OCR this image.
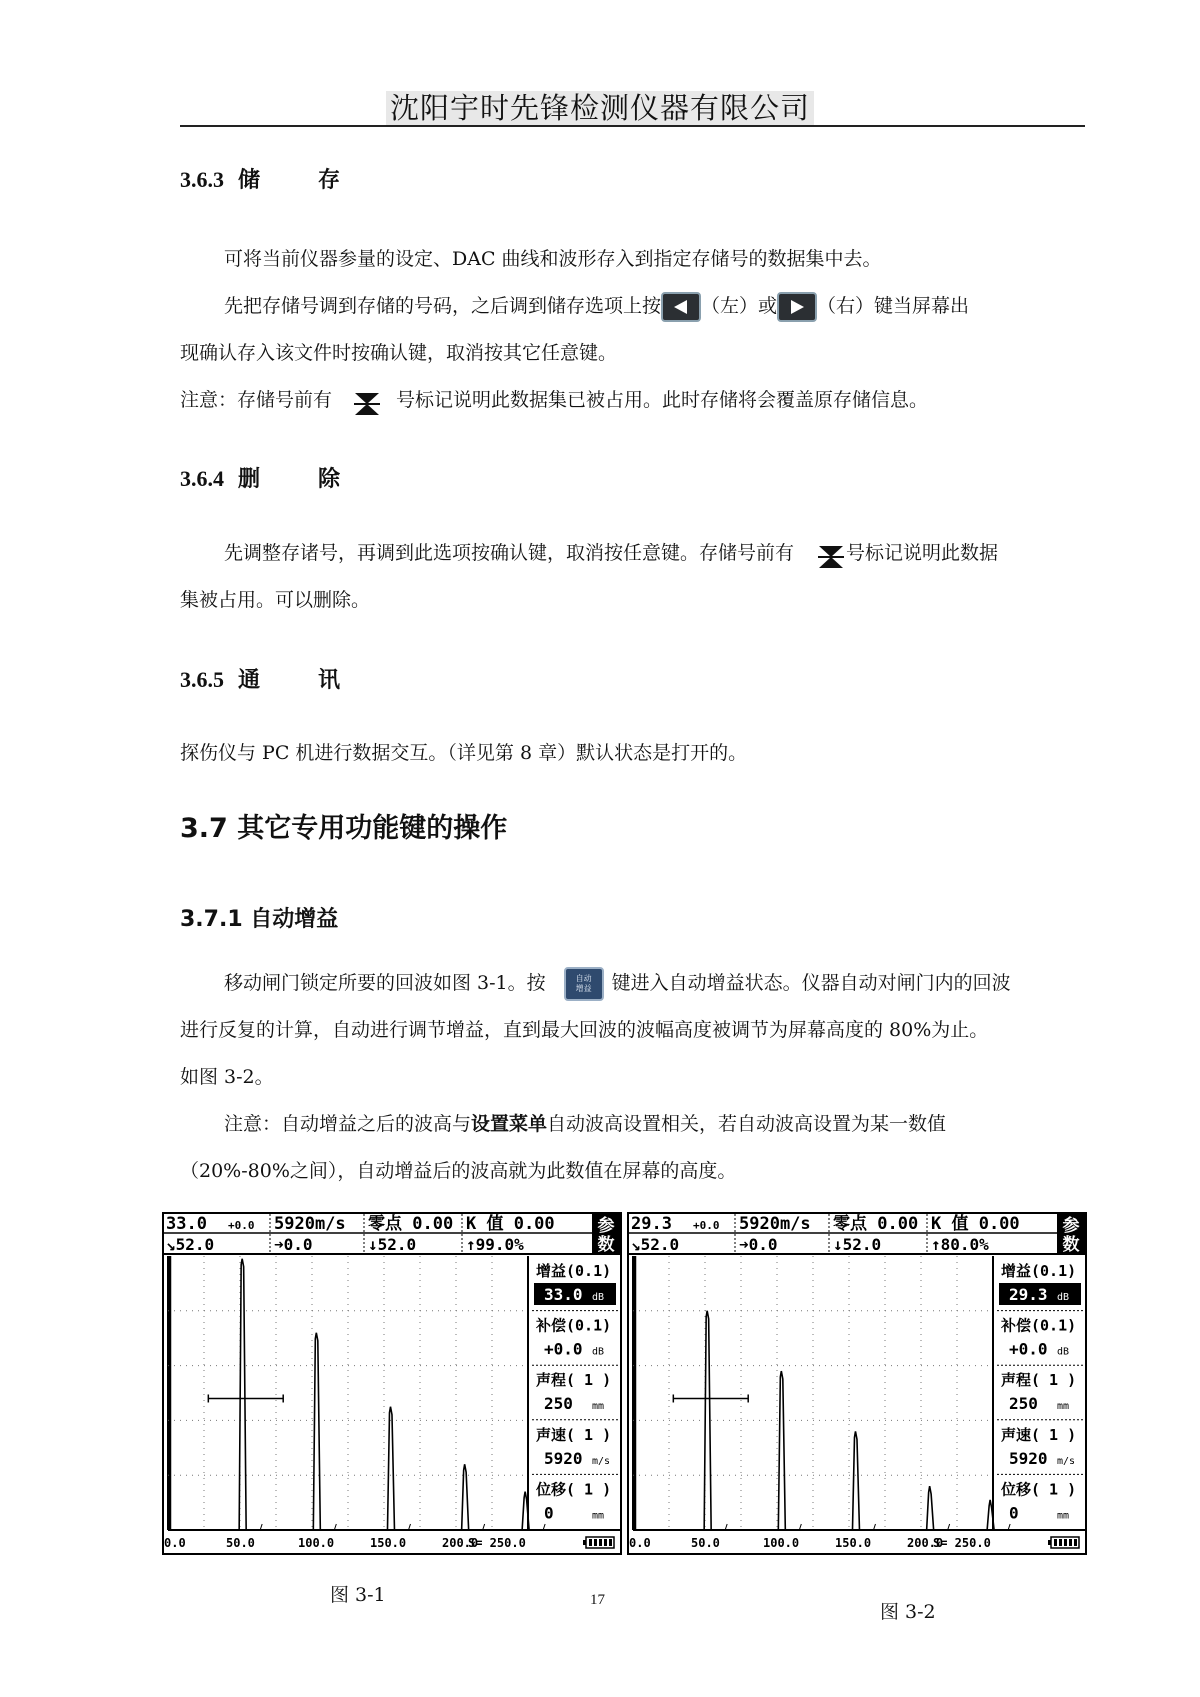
沈阳宇时先锋检测仪器有限公司
3.6.3 储	存

可将当前仪器参量的设定、DAC 曲线和波形存入到指定存储号的数据集中去。

先把存储号调到存储的号码，之后调到储存选项上按 （左）或 （右）键当屏幕出

现确认存入该文件时按确认键，取消按其它任意键。

注意：存储号前有	号标记说明此数据集已被占用。此时存储将会覆盖原存储信息。

3.6.4 删	除

先调整存诸号，再调到此选项按确认键，取消按任意键。存储号前有	号标记说明此数据

集被占用。可以删除。

3.6.5 通	讯

探伤仪与 PC 机进行数据交互。（详见第 8 章）默认状态是打开的。

3.7 其它专用功能键的操作
3.7.1 自动增益

移动闸门锁定所要的回波如图 3-1。按	自动
增益 键进入自动增益状态。仪器自动对闸门内的回波

进行反复的计算，自动进行调节增益，直到最大回波的波幅高度被调节为屏幕高度的 80%为止。

如图 3-2。

注意：自动增益之后的波高与设置菜单自动波高设置相关，若自动波高设置为某一数值

（20%-80%之间），自动增益后的波高就为此数值在屏幕的高度。

33.0 +0.0 5920m/s 零点 0.00 K 值 0.00	参
数
↘52.0	➜0.0	↓52.0	↑99.0%
0.0	50.0	100.0	150.0	200.0
S= 250.0
增益(0.1)
33.0 dB
补偿(0.1)
+0.0 dB
声程( 1 )
250 mm
声速( 1 )
5920 m/s
位移( 1 )
0	mm
29.3 +0.0 5920m/s 零点 0.00 K 值 0.00	参
数
↘52.0	➜0.0	↓52.0	↑80.0%
0.0	50.0	100.0	150.0	200.0
S= 250.0
增益(0.1)
29.3 dB
补偿(0.1)
+0.0 dB
声程( 1 )
250 mm
声速( 1 )
5920 m/s
位移( 1 )
0	mm
图 3-1	17
图 3-2
